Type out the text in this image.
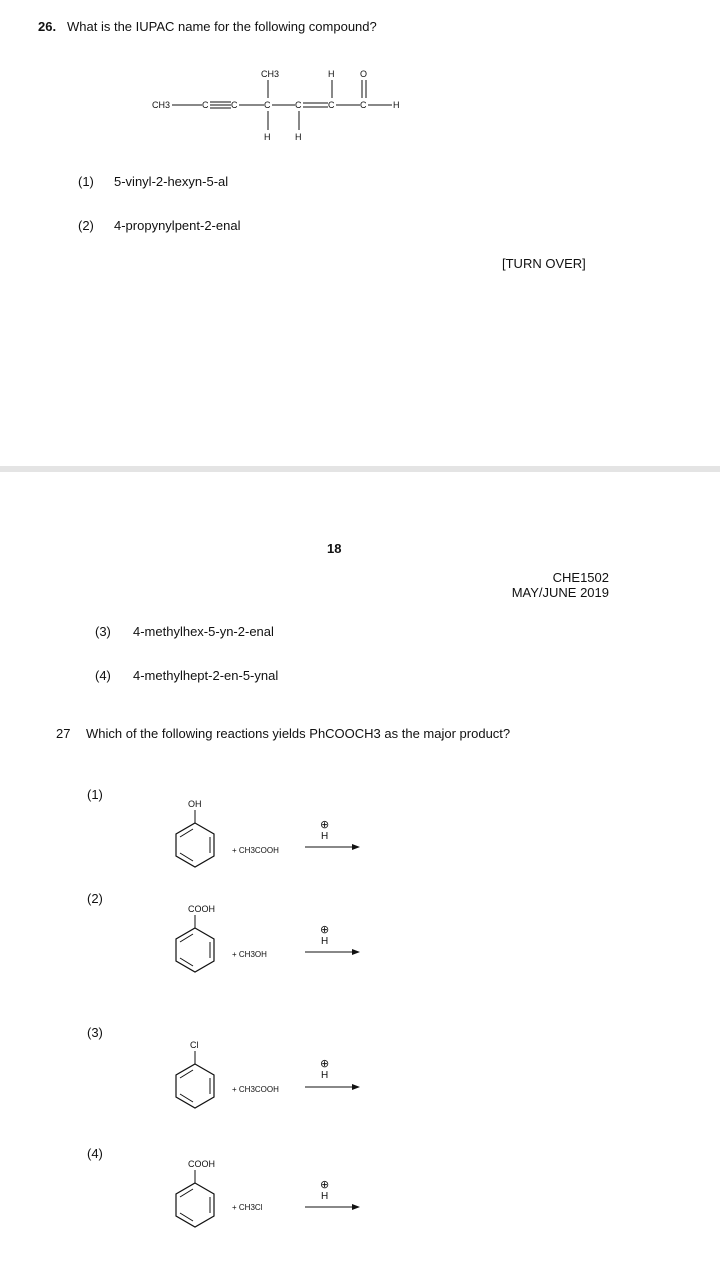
26. What is the IUPAC name for the following compound?
CH3	C	C	C
CH3
H
C
H
C
H
C
O
H
(1) 5-vinyl-2-hexyn-5-al
(2) 4-propynylpent-2-enal
[TURN OVER]
18
CHE1502
MAY/JUNE 2019
(3) 4-methylhex-5-yn-2-enal
(4) 4-methylhept-2-en-5-ynal
27 Which of the following reactions yields PhCOOCH3 as the major product?
(1)
OH
+ CH3COOH
⊕
H
(2)
COOH
+ CH3OH
⊕
H
(3)
Cl
+ CH3COOH
⊕
H
(4)
COOH
+ CH3Cl
⊕
H
